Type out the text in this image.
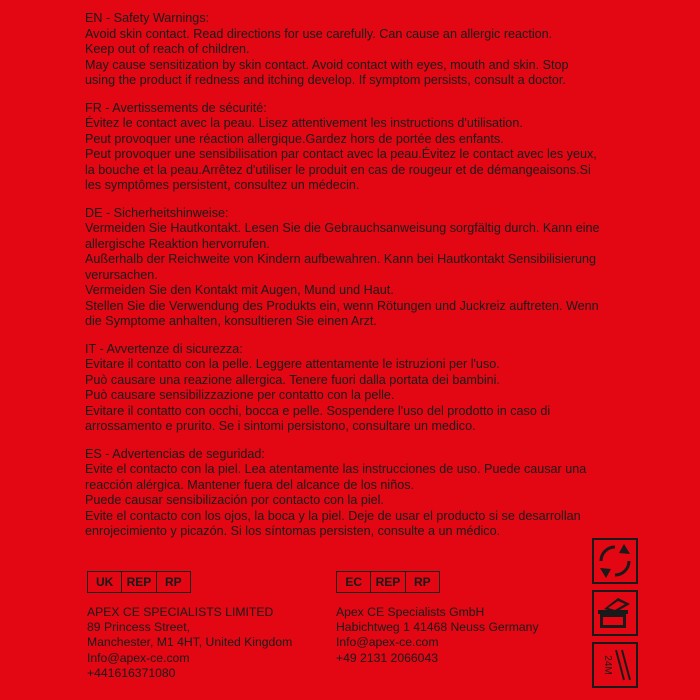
EN - Safety Warnings:
Avoid skin contact. Read directions for use carefully. Can cause an allergic reaction.
Keep out of reach of children.
May cause sensitization by skin contact. Avoid contact with eyes, mouth and skin. Stop
using the product if redness and itching develop. If symptom persists, consult a doctor.
FR - Avertissements de sécurité:
Évitez le contact avec la peau. Lisez attentivement les instructions d'utilisation.
Peut provoquer une réaction allergique.Gardez hors de portée des enfants.
Peut provoquer une sensibilisation par contact avec la peau.Évitez le contact avec les yeux,
la bouche et la peau.Arrêtez d'utiliser le produit en cas de rougeur et de démangeaisons.Si
les symptômes persistent, consultez un médecin.
DE - Sicherheitshinweise:
Vermeiden Sie Hautkontakt. Lesen Sie die Gebrauchsanweisung sorgfältig durch. Kann eine
allergische Reaktion hervorrufen.
Außerhalb der Reichweite von Kindern aufbewahren. Kann bei Hautkontakt Sensibilisierung
verursachen.
Vermeiden Sie den Kontakt mit Augen, Mund und Haut.
Stellen Sie die Verwendung des Produkts ein, wenn Rötungen und Juckreiz auftreten. Wenn
die Symptome anhalten, konsultieren Sie einen Arzt.
IT - Avvertenze di sicurezza:
Evitare il contatto con la pelle. Leggere attentamente le istruzioni per l'uso.
Può causare una reazione allergica. Tenere fuori dalla portata dei bambini.
Può causare sensibilizzazione per contatto con la pelle.
Evitare il contatto con occhi, bocca e pelle. Sospendere l'uso del prodotto in caso di
arrossamento e prurito. Se i sintomi persistono, consultare un medico.
ES - Advertencias de seguridad:
Evite el contacto con la piel. Lea atentamente las instrucciones de uso. Puede causar una
reacción alérgica. Mantener fuera del alcance de los niños.
Puede causar sensibilización por contacto con la piel.
Evite el contacto con los ojos, la boca y la piel. Deje de usar el producto si se desarrollan
enrojecimiento y picazón. Si los síntomas persisten, consulte a un médico.
UK	REP	RP
APEX CE SPECIALISTS LIMITED
89 Princess Street,
Manchester, M1 4HT, United Kingdom
Info@apex-ce.com
+441616371080
EC	REP	RP
Apex CE Specialists GmbH
Habichtweg 1 41468 Neuss Germany
Info@apex-ce.com
+49 2131 2066043	24M
